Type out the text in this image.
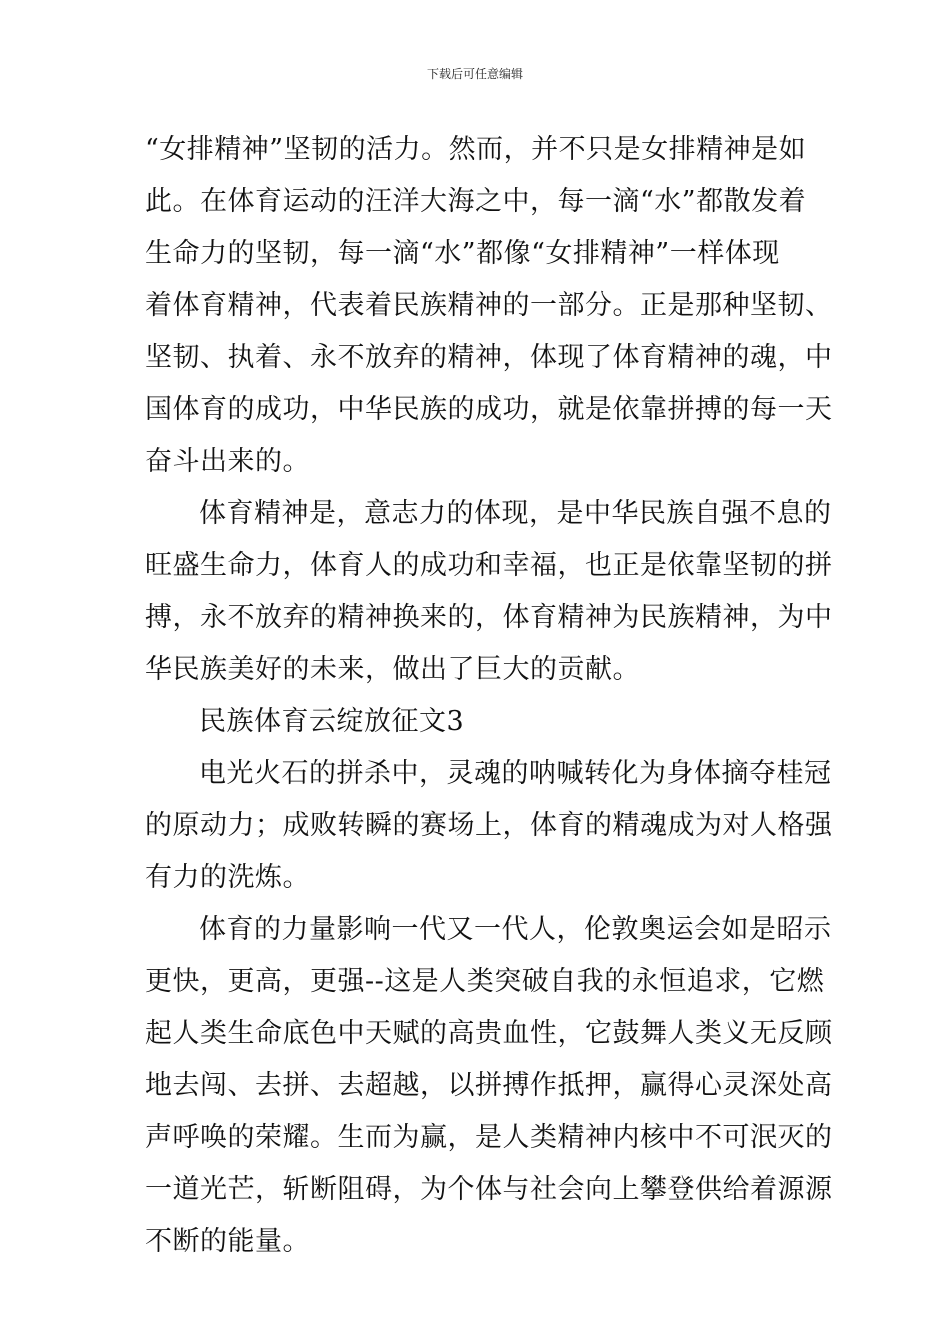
下载后可任意编辑
“女排精神”坚韧的活力。然而，并不只是女排精神是如
此。在体育运动的汪洋大海之中，每一滴“水”都散发着
生命力的坚韧，每一滴“水”都像“女排精神”一样体现
着体育精神，代表着民族精神的一部分。正是那种坚韧、
坚韧、执着、永不放弃的精神，体现了体育精神的魂，中
国体育的成功，中华民族的成功，就是依靠拼搏的每一天
奋斗出来的。
体育精神是，意志力的体现，是中华民族自强不息的
旺盛生命力，体育人的成功和幸福，也正是依靠坚韧的拼
搏，永不放弃的精神换来的，体育精神为民族精神，为中
华民族美好的未来，做出了巨大的贡献。
民族体育云绽放征文3
电光火石的拼杀中，灵魂的呐喊转化为身体摘夺桂冠
的原动力；成败转瞬的赛场上，体育的精魂成为对人格强
有力的洗炼。
体育的力量影响一代又一代人，伦敦奥运会如是昭示
更快，更高，更强--这是人类突破自我的永恒追求，它燃
起人类生命底色中天赋的高贵血性，它鼓舞人类义无反顾
地去闯、去拼、去超越，以拼搏作抵押，赢得心灵深处高
声呼唤的荣耀。生而为赢，是人类精神内核中不可泯灭的
一道光芒，斩断阻碍，为个体与社会向上攀登供给着源源
不断的能量。
